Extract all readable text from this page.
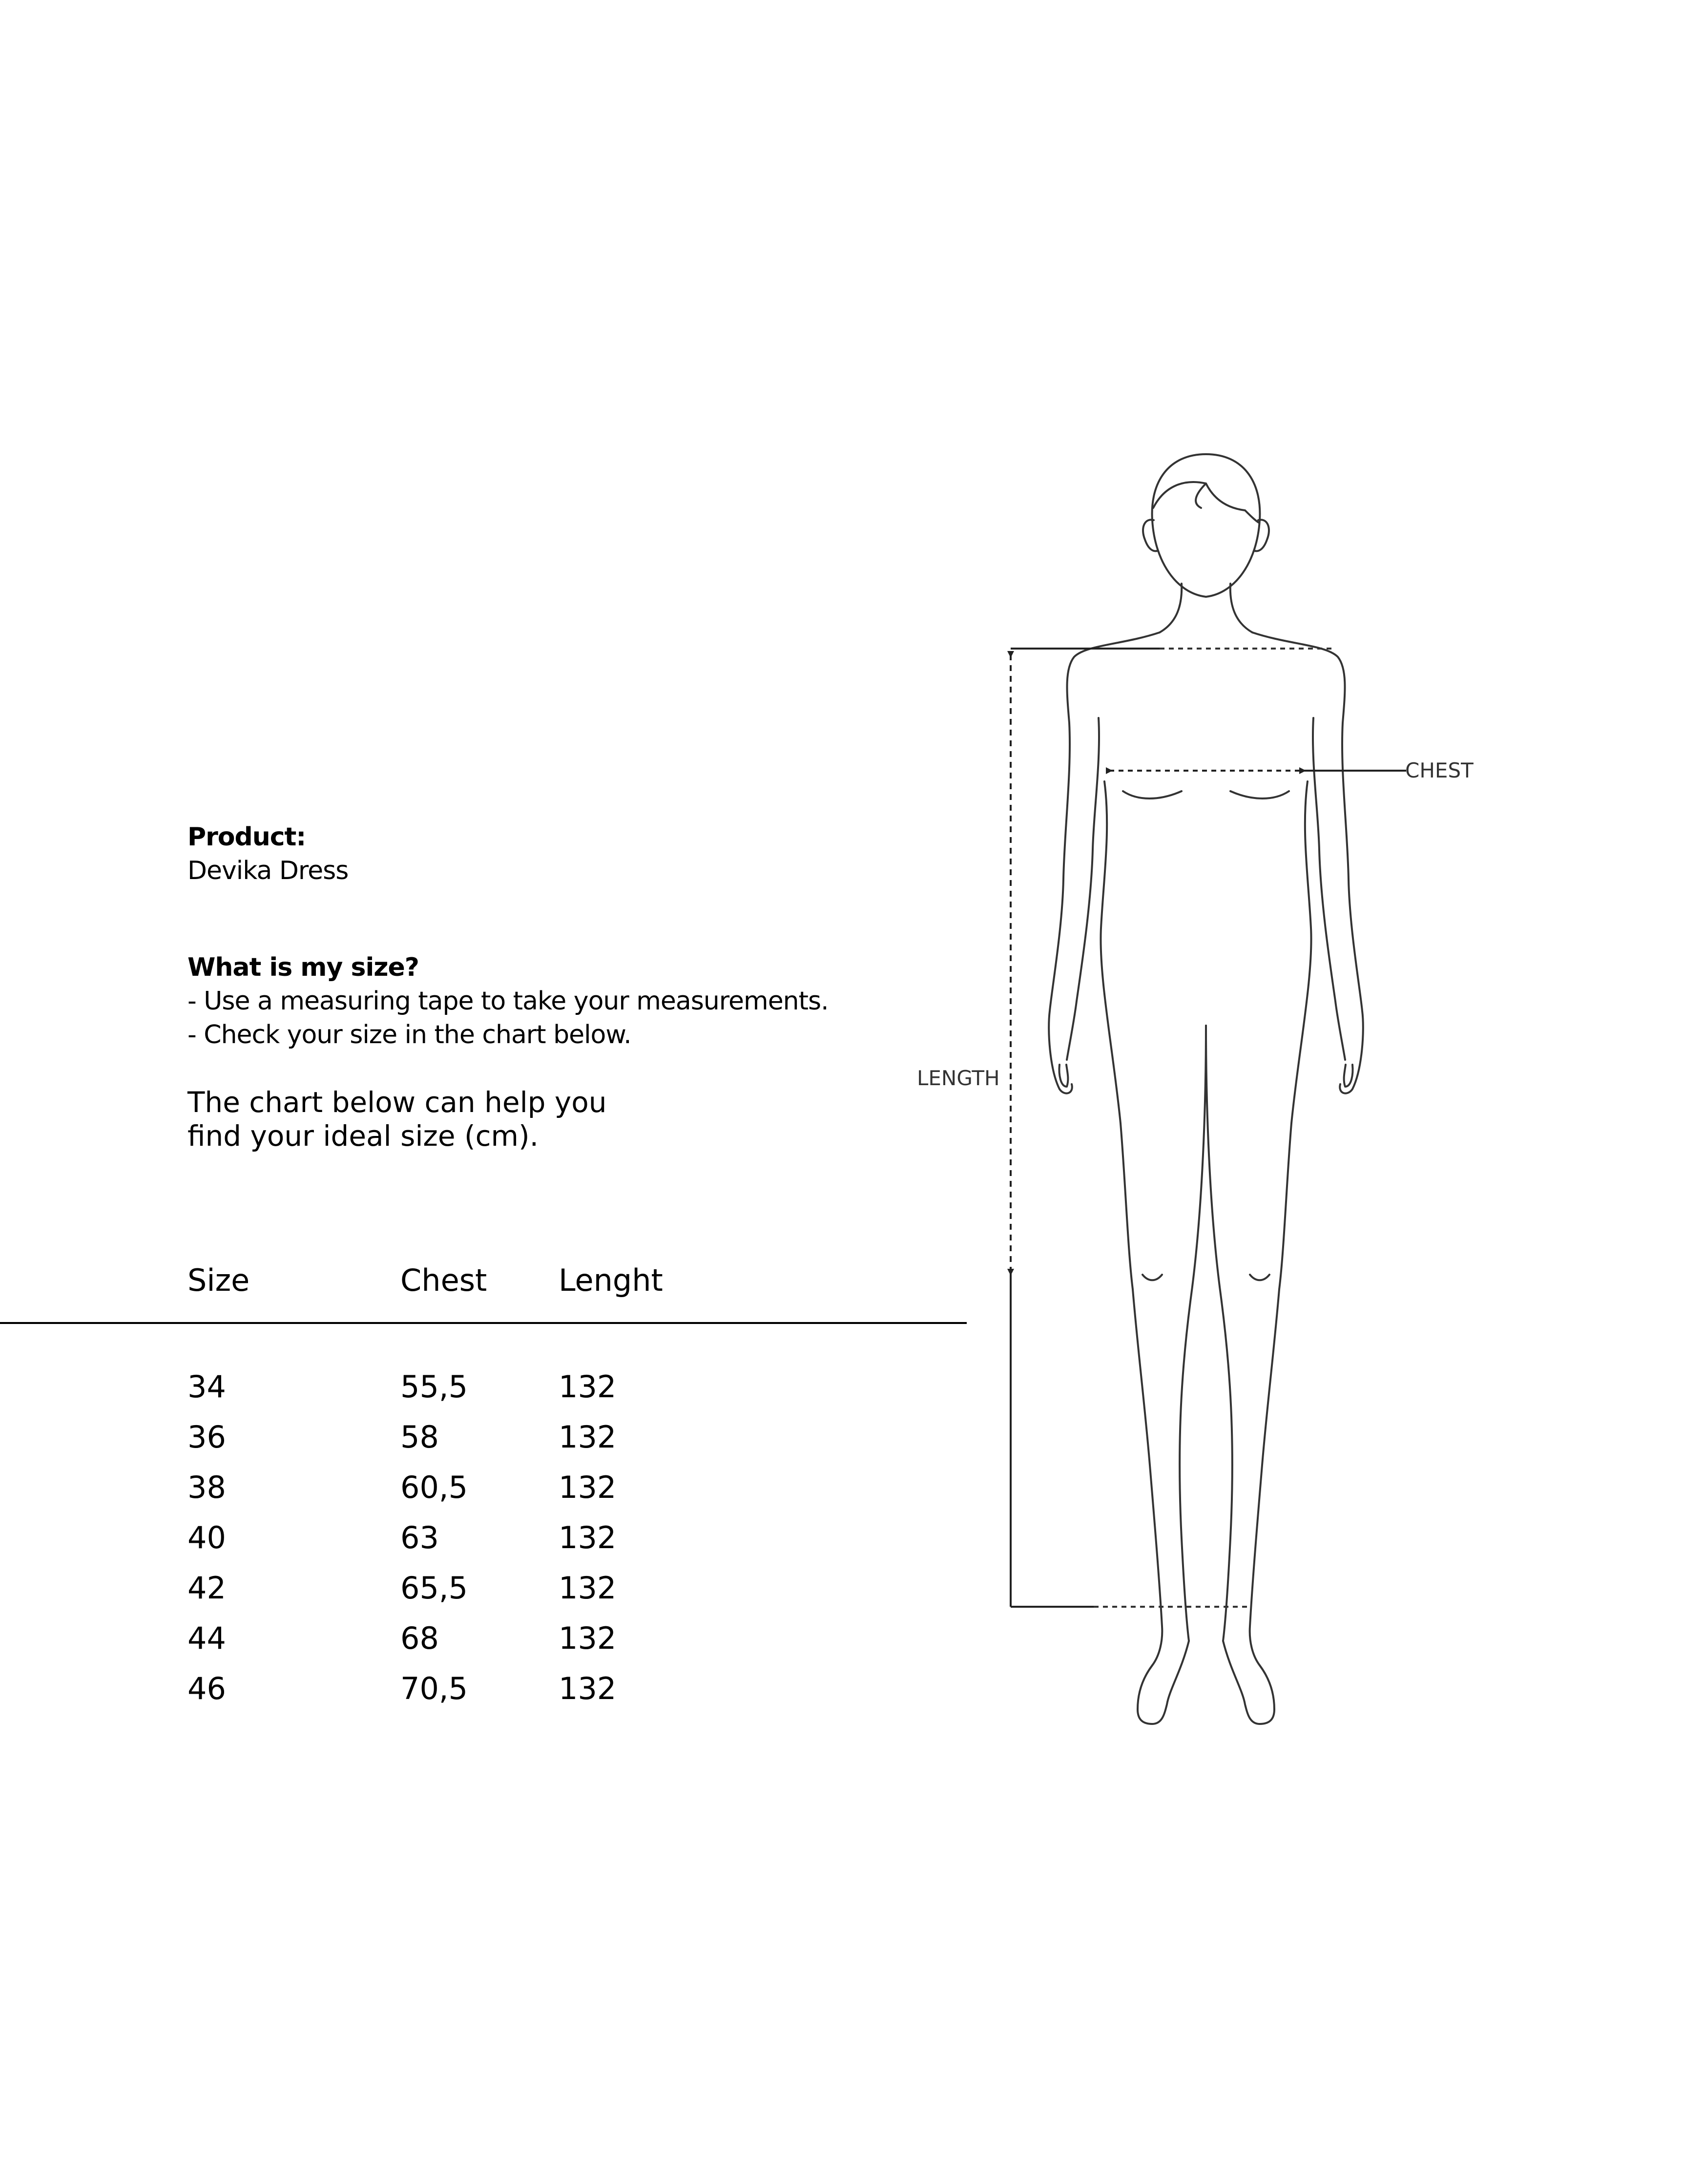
Product:

Devika Dress

What is my size?

- Use a measuring tape to take your measurements.

- Check your size in the chart below.

The chart below can help you

find your ideal size (cm).

Size	Chest Lenght
34	55,5	132
36	58	132
38	60,5	132
40	63	132
42	65,5	132
44	68	132
46	70,5	132
CHEST
LENGTH
